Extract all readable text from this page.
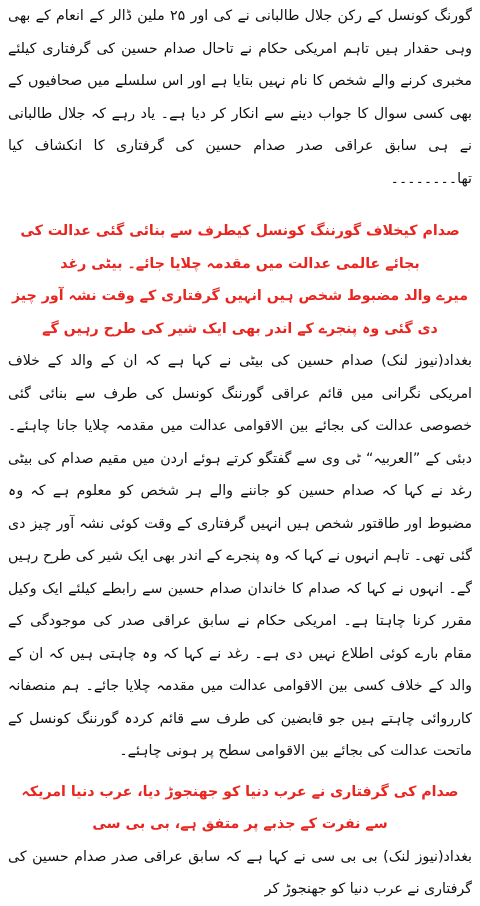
گورنگ کونسل کے رکن جلال طالبانی نے کی اور ۲۵ ملین ڈالر کے انعام کے بھی وہی حقدار ہیں تاہم امریکی حکام نے تاحال صدام حسین کی گرفتاری کیلئے مخبری کرنے والے شخص کا نام نہیں بتایا ہے اور اس سلسلے میں صحافیوں کے بھی کسی سوال کا جواب دینے سے انکار کر دیا ہے۔ یاد رہے کہ جلال طالبانی نے ہی سابق عراقی صدر صدام حسین کی گرفتاری کا انکشاف کیا تھا۔۔۔۔۔۔۔۔

صدام کیخلاف گورننگ کونسل کیطرف سے بنائی گئی عدالت کی بجائے عالمی عدالت میں مقدمہ چلایا جائے۔ بیٹی رغد

میرے والد مضبوط شخص ہیں انہیں گرفتاری کے وقت نشہ آور چیز دی گئی وہ پنجرے کے اندر بھی ایک شیر کی طرح رہیں گے

بغداد(نیوز لنک) صدام حسین کی بیٹی نے کہا ہے کہ ان کے والد کے خلاف امریکی نگرانی میں قائم عراقی گورننگ کونسل کی طرف سے بنائی گئی خصوصی عدالت کی بجائے بین الاقوامی عدالت میں مقدمہ چلایا جانا چاہئے۔ دبئی کے ”العربیہ“ ٹی وی سے گفتگو کرتے ہوئے اردن میں مقیم صدام کی بیٹی رغد نے کہا کہ صدام حسین کو جاننے والے ہر شخص کو معلوم ہے کہ وہ مضبوط اور طاقتور شخص ہیں انہیں گرفتاری کے وقت کوئی نشہ آور چیز دی گئی تھی۔ تاہم انہوں نے کہا کہ وہ پنجرے کے اندر بھی ایک شیر کی طرح رہیں گے۔ انہوں نے کہا کہ صدام کا خاندان صدام حسین سے رابطے کیلئے ایک وکیل مقرر کرنا چاہتا ہے۔ امریکی حکام نے سابق عراقی صدر کی موجودگی کے مقام بارے کوئی اطلاع نہیں دی ہے۔ رغد نے کہا کہ وہ چاہتی ہیں کہ ان کے والد کے خلاف کسی بین الاقوامی عدالت میں مقدمہ چلایا جائے۔ ہم منصفانہ کارروائی چاہتے ہیں جو قابضین کی طرف سے قائم کردہ گورننگ کونسل کے ماتحت عدالت کی بجائے بین الاقوامی سطح پر ہونی چاہئے۔

صدام کی گرفتاری نے عرب دنیا کو جھنجوڑ دیا، عرب دنیا امریکہ سے نفرت کے جذبے پر متفق ہے، بی بی سی

بغداد(نیوز لنک) بی بی سی نے کہا ہے کہ سابق عراقی صدر صدام حسین کی گرفتاری نے عرب دنیا کو جھنجوڑ کر
